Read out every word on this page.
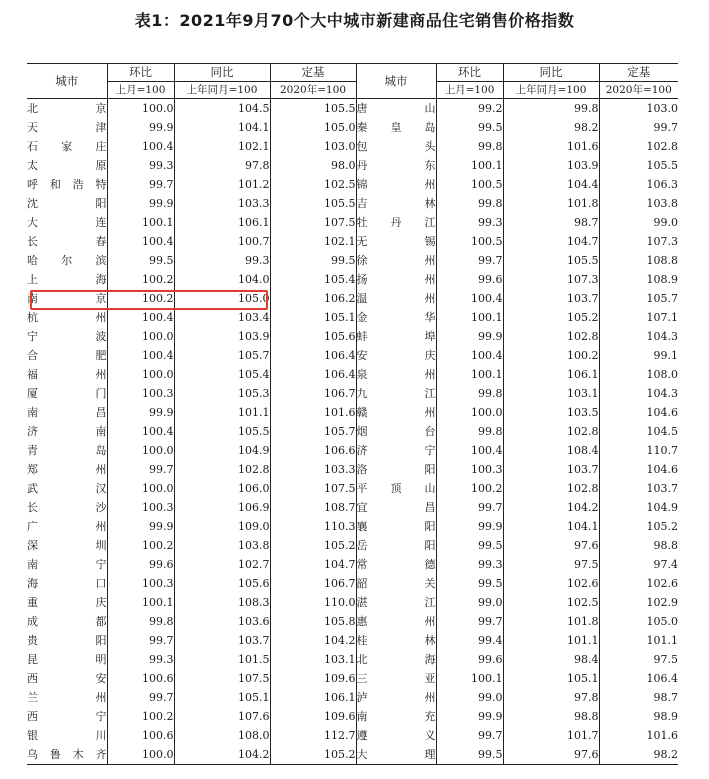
表1：2021年9月70个大中城市新建商品住宅销售价格指数
城市	环比	同比	定基	城市	环比	同比	定基
	上月=100	上年同月=100	2020年=100		上月=100	上年同月=100	2020年=100
北京	100.0	104.5	105.5	唐山	99.2	99.8	103.0
天津	99.9	104.1	105.0	秦皇岛	99.5	98.2	99.7
石家庄	100.4	102.1	103.0	包头	99.8	101.6	102.8
太原	99.3	97.8	98.0	丹东	100.1	103.9	105.5
呼和浩特	99.7	101.2	102.5	锦州	100.5	104.4	106.3
沈阳	99.9	103.3	105.5	吉林	99.8	101.8	103.8
大连	100.1	106.1	107.5	牡丹江	99.3	98.7	99.0
长春	100.4	100.7	102.1	无锡	100.5	104.7	107.3
哈尔滨	99.5	99.3	99.5	徐州	99.7	105.5	108.8
上海	100.2	104.0	105.4	扬州	99.6	107.3	108.9
南京	100.2	105.0	106.2	温州	100.4	103.7	105.7
杭州	100.4	103.4	105.1	金华	100.1	105.2	107.1
宁波	100.0	103.9	105.6	蚌埠	99.9	102.8	104.3
合肥	100.4	105.7	106.4	安庆	100.4	100.2	99.1
福州	100.0	105.4	106.4	泉州	100.1	106.1	108.0
厦门	100.3	105.3	106.7	九江	99.8	103.1	104.3
南昌	99.9	101.1	101.6	赣州	100.0	103.5	104.6
济南	100.4	105.5	105.7	烟台	99.8	102.8	104.5
青岛	100.0	104.9	106.6	济宁	100.4	108.4	110.7
郑州	99.7	102.8	103.3	洛阳	100.3	103.7	104.6
武汉	100.0	106.0	107.5	平顶山	100.2	102.8	103.7
长沙	100.3	106.9	108.7	宜昌	99.7	104.2	104.9
广州	99.9	109.0	110.3	襄阳	99.9	104.1	105.2
深圳	100.2	103.8	105.2	岳阳	99.5	97.6	98.8
南宁	99.6	102.7	104.7	常德	99.3	97.5	97.4
海口	100.3	105.6	106.7	韶关	99.5	102.6	102.6
重庆	100.1	108.3	110.0	湛江	99.0	102.5	102.9
成都	99.8	103.6	105.8	惠州	99.7	101.8	105.0
贵阳	99.7	103.7	104.2	桂林	99.4	101.1	101.1
昆明	99.3	101.5	103.1	北海	99.6	98.4	97.5
西安	100.6	107.5	109.6	三亚	100.1	105.1	106.4
兰州	99.7	105.1	106.1	泸州	99.0	97.8	98.7
西宁	100.2	107.6	109.6	南充	99.9	98.8	98.9
银川	100.6	108.0	112.7	遵义	99.7	101.7	101.6
乌鲁木齐	100.0	104.2	105.2	大理	99.5	97.6	98.2
